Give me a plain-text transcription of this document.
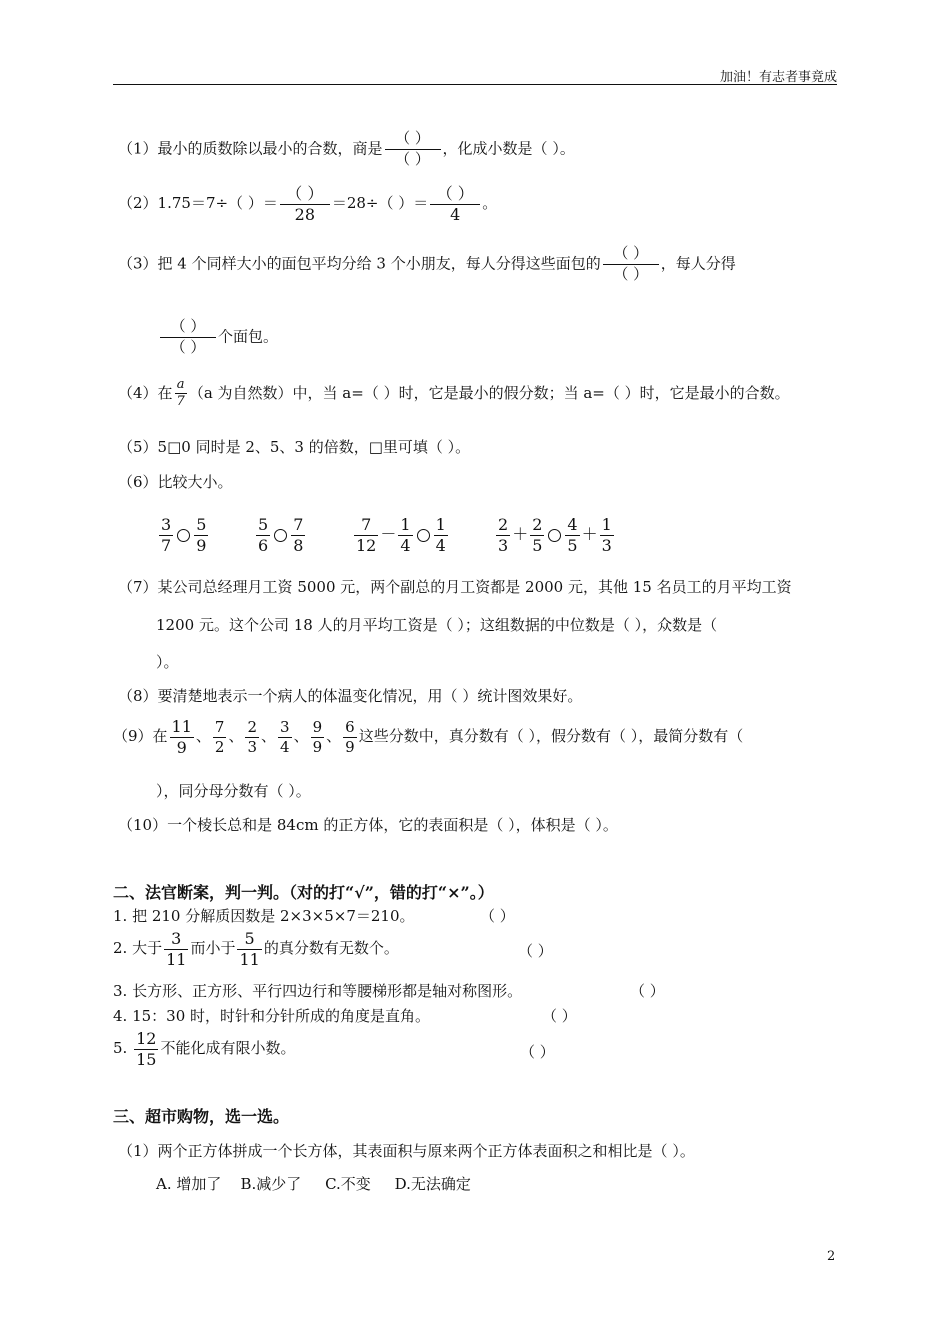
加油！有志者事竟成
（1）最小的质数除以最小的合数，商是 $\frac{( )}{( )}$ ，化成小数是（ ）。
（2）1.75＝7÷（ ）＝ $\frac{( )}{28} =28\div$（ ）＝ $\frac{( )}{4}$ 。
（3）把 4 个同样大小的面包平均分给 3 个小朋友，每人分得这些面包的 $\frac{( )}{( )}$ ，每人分得
$\frac{( )}{( )}$ 个面包。
（4）在 $\frac{a}{7} (a$ 为自然数）中，当 a=（ ）时，它是最小的假分数；当 a=（ ）时，它是最小的合数。
（5）5□0 同时是 2、5、3 的倍数，□里可填（ ）。
（6）比较大小。
$\frac{3}{7} \frac{5}{9}$	$\frac{5}{6} \frac{7}{8}$	$\frac{7}{12} - \frac{1}{4} \frac{1}{4}$	$\frac{2}{3} + \frac{2}{5} \frac{4}{5} + \frac{1}{3}$
（7）某公司总经理月工资 5000 元，两个副总的月工资都是 2000 元，其他 15 名员工的月平均工资
1200 元。这个公司 18 人的月平均工资是（ ）；这组数据的中位数是（ ），众数是（
）。
（8）要清楚地表示一个病人的体温变化情况，用（ ）统计图效果好。
（9）在 $\frac{11}{9}$ 、 $\frac{7}{2}$ 、 $\frac{2}{3}$ 、 $\frac{3}{4}$ 、 $\frac{9}{9}$ 、 $\frac{6}{9}$ 这些分数中，真分数有（ ），假分数有（ ），最简分数有（
），同分母分数有（ ）。
（10）一个棱长总和是 84cm 的正方体，它的表面积是（ ），体积是（ ）。
二、法官断案，判一判。（对的打“√”，错的打“×”。）
1. 把 210 分解质因数是 2×3×5×7＝210。	（ ）
2. 大于 $\frac{3}{11}$ 而小于 $\frac{5}{11}$ 的真分数有无数个。	（ ）
3. 长方形、正方形、平行四边行和等腰梯形都是轴对称图形。	（ ）
4. 15：30 时，时针和分针所成的角度是直角。	（ ）
5. $\frac{12}{15}$ 不能化成有限小数。	（ ）
三、超市购物，选一选。
（1）两个正方体拼成一个长方体，其表面积与原来两个正方体表面积之和相比是（ ）。
A. 增加了    B.减少了     C.不变     D.无法确定
2
